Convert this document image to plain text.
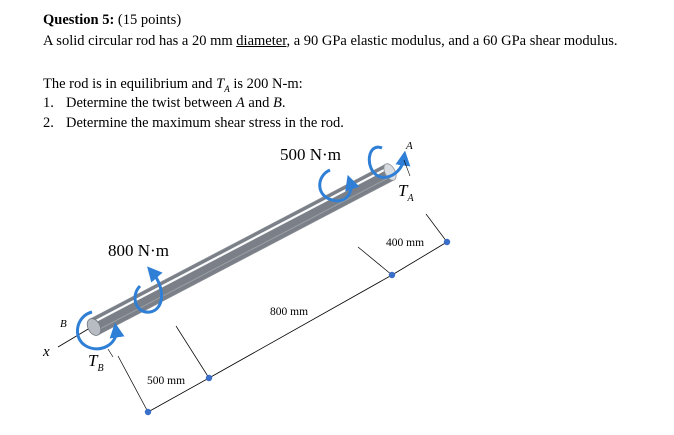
Question 5: (15 points)
A solid circular rod has a 20 mm diameter, a 90 GPa elastic modulus, and a 60 GPa shear modulus.
The rod is in equilibrium and $T_A$ is 200 N-m:
1. Determine the twist between A and B.
2. Determine the maximum shear stress in the rod.
500 N·m
800 N·m
A
B
$T_A$
$T_B$
x
400 mm
800 mm
500 mm
